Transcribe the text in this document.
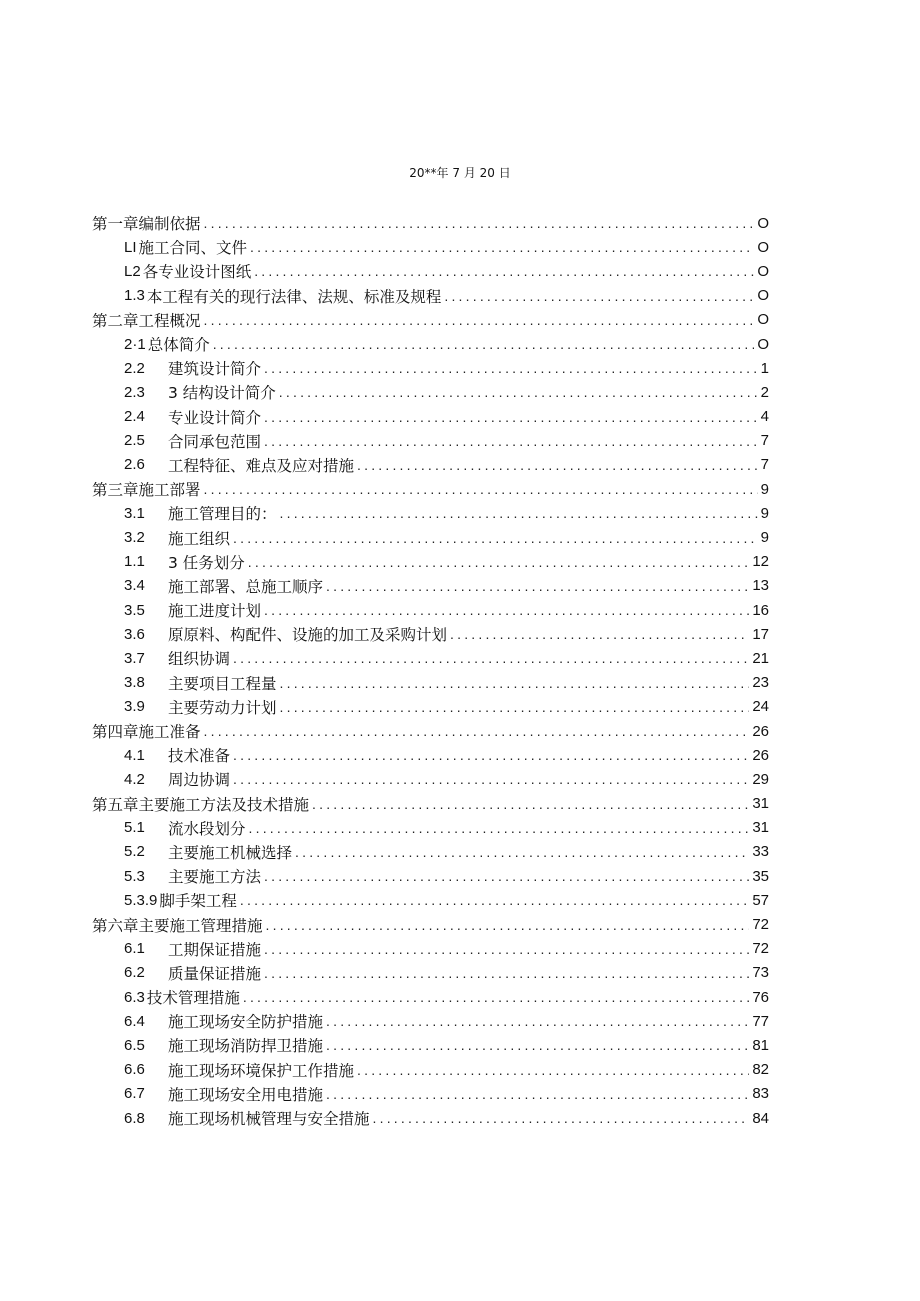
20**年 7 月 20 日
第一章编制依据 .....	O
LI 施工合同、文件 .....	O
L2 各专业设计图纸 .....	O
1.3 本工程有关的现行法律、法规、标准及规程 .....	O
第二章工程概况 .....	O
2·1 总体简介 .....	O
2.2	建筑设计简介 .....	1
2.3	3 结构设计简介 .....	2
2.4	专业设计简介 .....	4
2.5	合同承包范围 .....	7
2.6	工程特征、难点及应对措施 .....	7
第三章施工部署 .....	9
3.1	施工管理目的： .....	9
3.2	施工组织 .....	9
1.1	3 任务划分 .....	12
3.4	施工部署、总施工顺序 .....	13
3.5	施工进度计划 .....	16
3.6	原原料、构配件、设施的加工及采购计划 .....	17
3.7	组织协调 .....	21
3.8	主要项目工程量 .....	23
3.9	主要劳动力计划 .....	24
第四章施工准备 .....	26
4.1	技术准备 .....	26
4.2	周边协调 .....	29
第五章主要施工方法及技术措施 .....	31
5.1	流水段划分 .....	31
5.2	主要施工机械选择 .....	33
5.3	主要施工方法 .....	35
5.3.9 脚手架工程 .....	57
第六章主要施工管理措施 .....	72
6.1	工期保证措施 .....	72
6.2	质量保证措施 .....	73
6.3 技术管理措施 .....	76
6.4	施工现场安全防护措施 .....	77
6.5	施工现场消防捍卫措施 .....	81
6.6	施工现场环境保护工作措施 .....	82
6.7	施工现场安全用电措施 .....	83
6.8	施工现场机械管理与安全措施 .....	84
